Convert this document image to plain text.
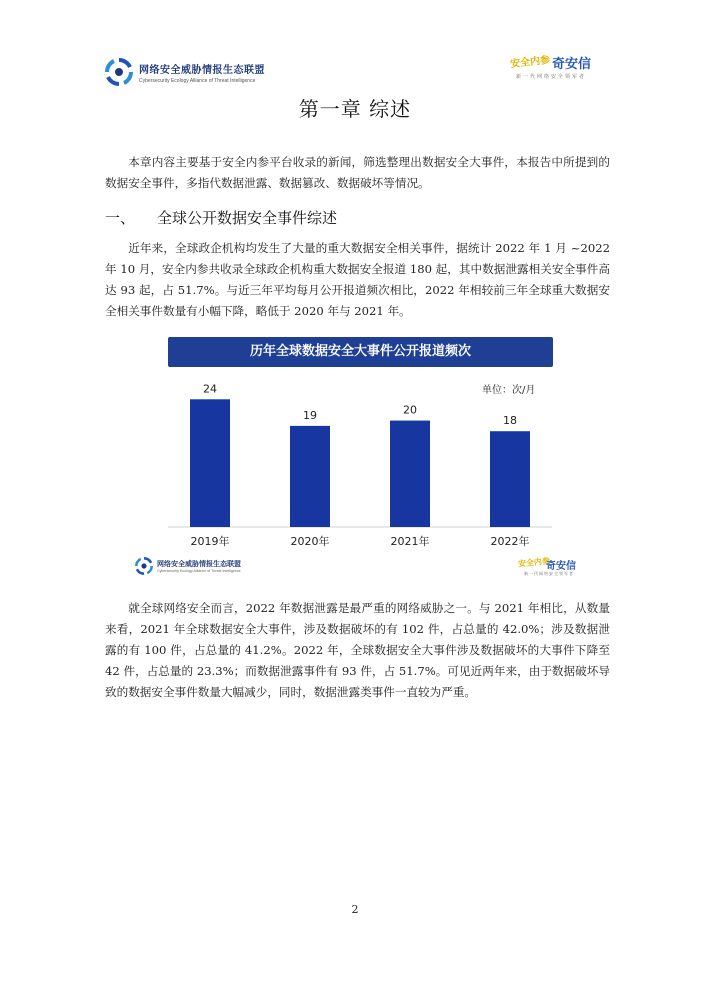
网络安全威胁情报生态联盟
Cybersecurity Ecology Alliance of Threat Intelligence
安全内参 奇安信
新一代网络安全领军者
第一章 综述

本章内容主要基于安全内参平台收录的新闻，筛选整理出数据安全大事件，本报告中所提到的数据安全事件，多指代数据泄露、数据篡改、数据破坏等情况。

一、	全球公开数据安全事件综述

近年来，全球政企机构均发生了大量的重大数据安全相关事件，据统计 2022 年 1 月 ~2022 年 10 月，安全内参共收录全球政企机构重大数据安全报道 180 起，其中数据泄露相关安全事件高达 93 起，占 51.7%。与近三年平均每月公开报道频次相比，2022 年相较前三年全球重大数据安全相关事件数量有小幅下降，略低于 2020 年与 2021 年。

历年全球数据安全大事件公开报道频次
单位：次/月
24
2019年
19
2020年
20
2021年
18
2022年
网络安全威胁情报生态联盟
Cybersecurity Ecology Alliance of Threat Intelligence
安全内参
奇安信
新一代网络安全领军者

就全球网络安全而言，2022 年数据泄露是最严重的网络威胁之一。与 2021 年相比，从数量来看，2021 年全球数据安全大事件，涉及数据破坏的有 102 件，占总量的 42.0%；涉及数据泄露的有 100 件，占总量的 41.2%。2022 年，全球数据安全大事件涉及数据破坏的大事件下降至 42 件，占总量的 23.3%；而数据泄露事件有 93 件，占 51.7%。可见近两年来，由于数据破坏导致的数据安全事件数量大幅减少，同时，数据泄露类事件一直较为严重。

2
